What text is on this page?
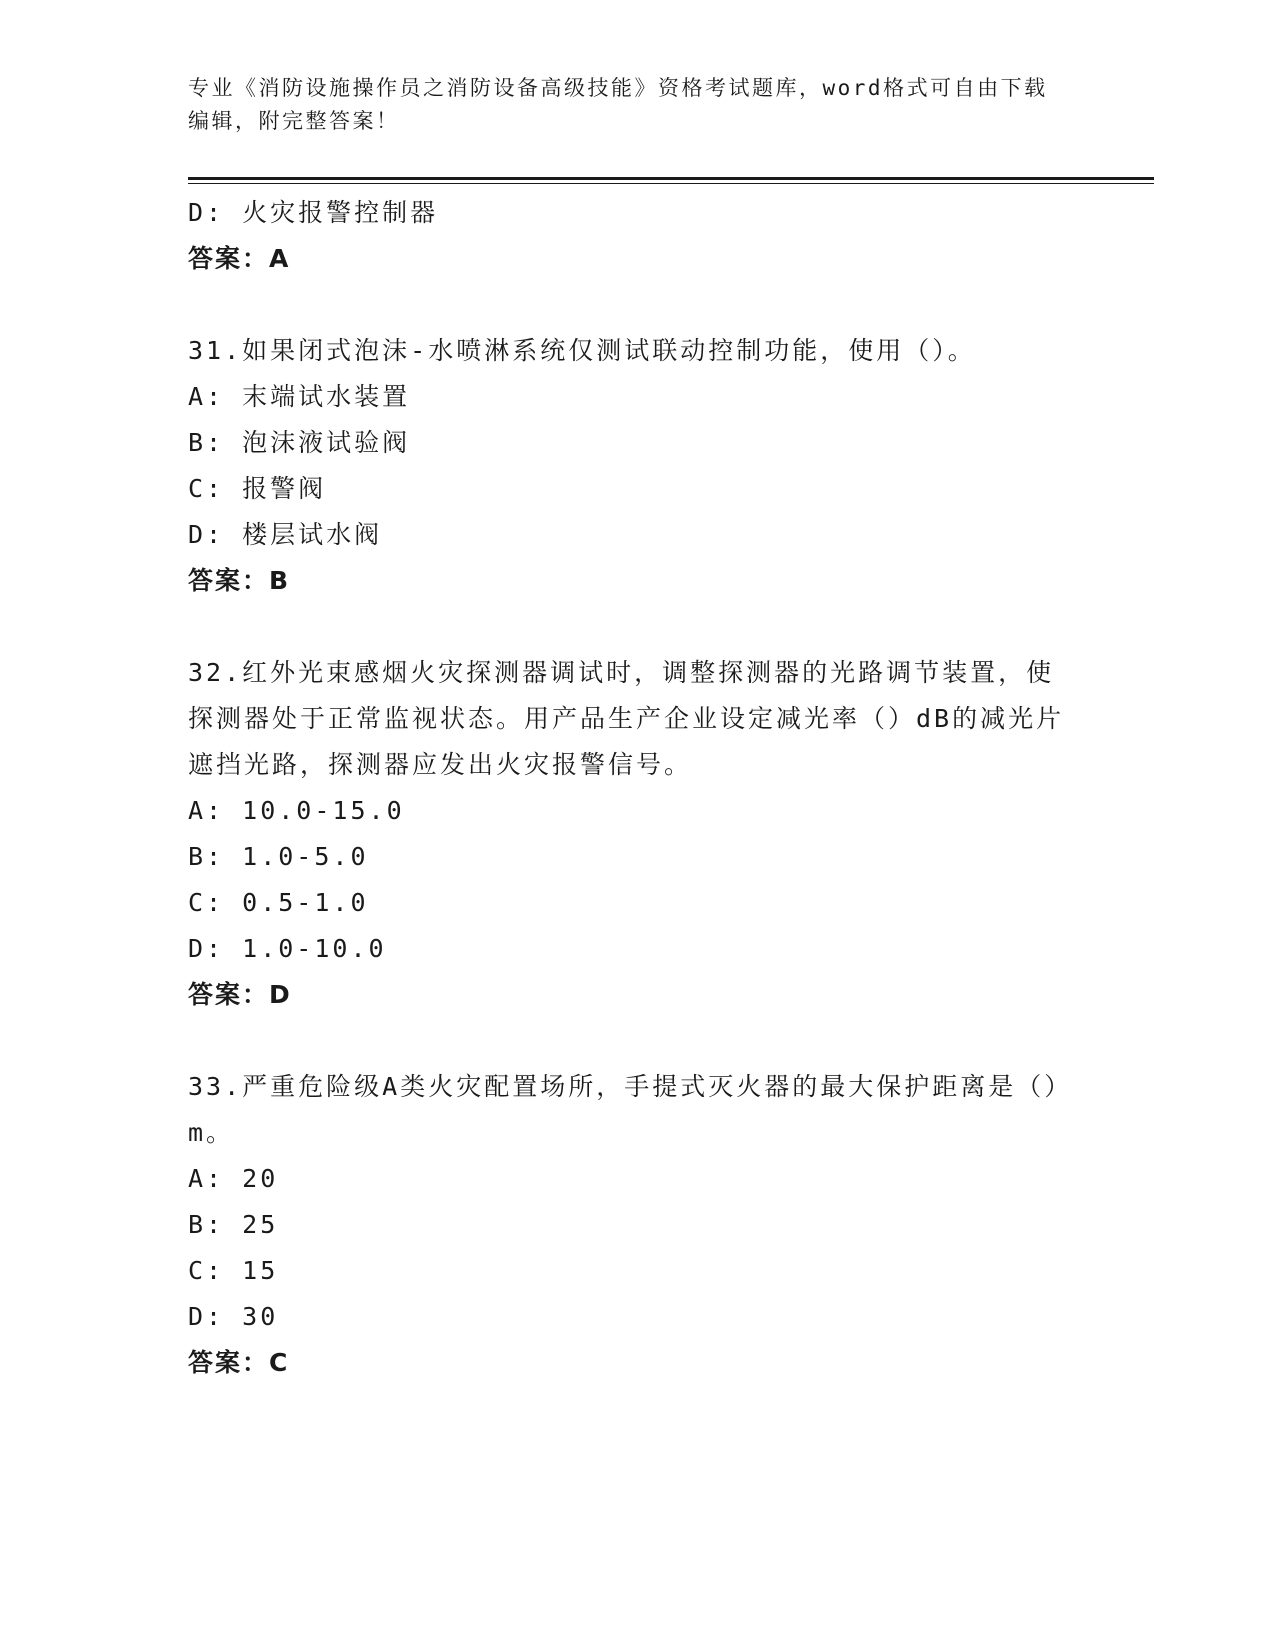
专业《消防设施操作员之消防设备高级技能》资格考试题库，word格式可自由下载编辑，附完整答案！
D: 火灾报警控制器
答案：A
31.如果闭式泡沫-水喷淋系统仅测试联动控制功能，使用（）。
A: 末端试水装置
B: 泡沫液试验阀
C: 报警阀
D: 楼层试水阀
答案：B
32.红外光束感烟火灾探测器调试时，调整探测器的光路调节装置，使探测器处于正常监视状态。用产品生产企业设定减光率（）dB的减光片遮挡光路，探测器应发出火灾报警信号。
A: 10.0-15.0
B: 1.0-5.0
C: 0.5-1.0
D: 1.0-10.0
答案：D
33.严重危险级A类火灾配置场所，手提式灭火器的最大保护距离是（）m。
A: 20
B: 25
C: 15
D: 30
答案：C
